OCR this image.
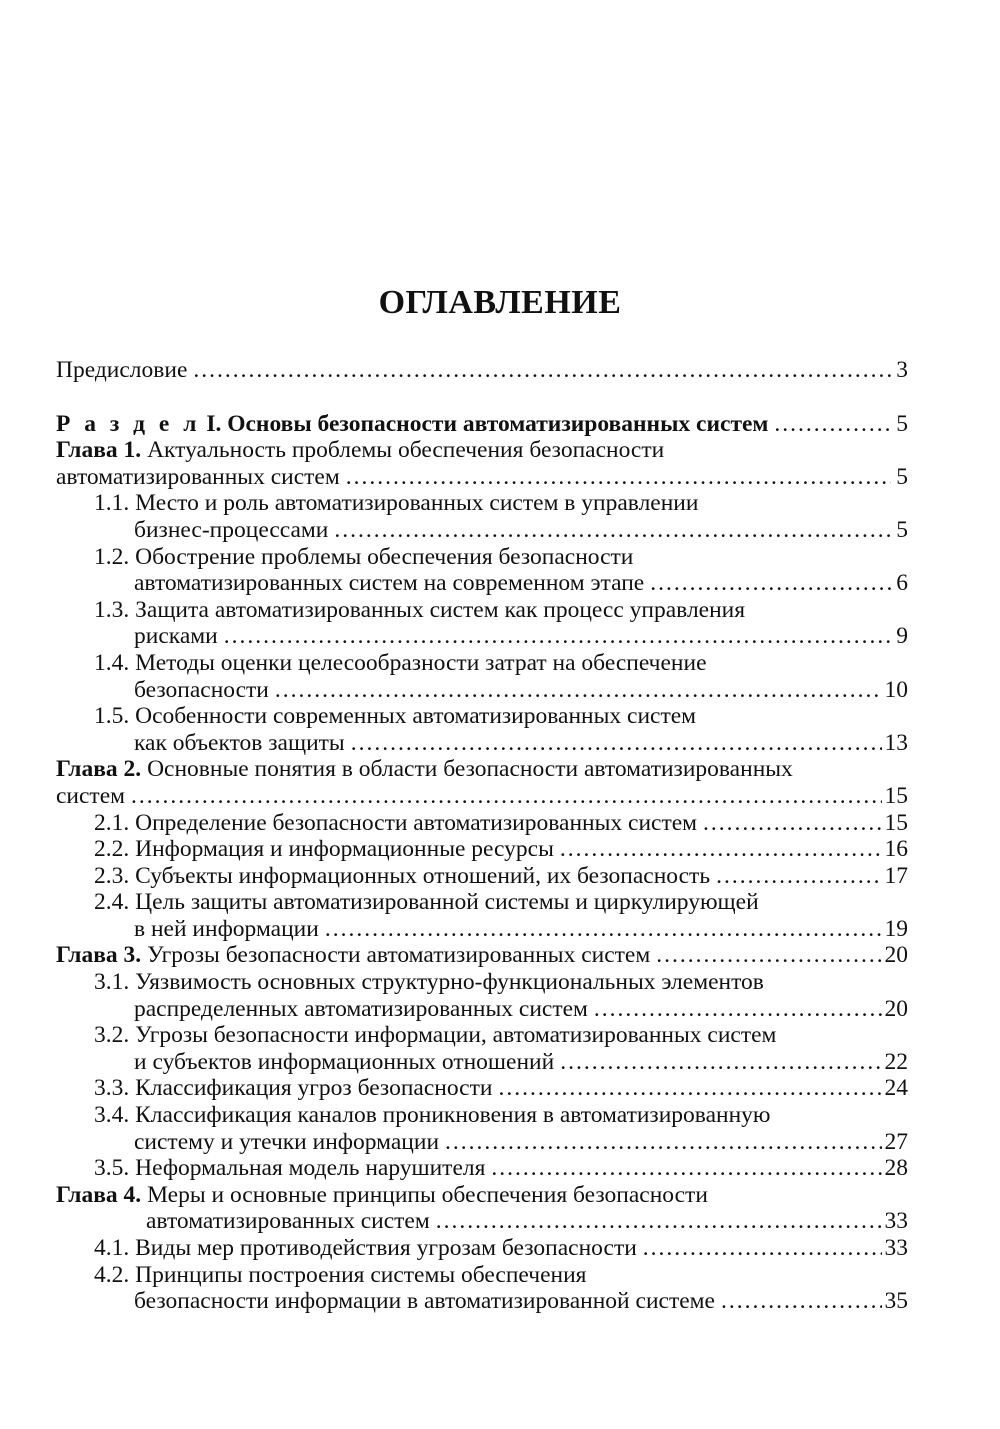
ОГЛАВЛЕНИЕ
Предисловие .....	3
Р а з д е л I. Основы безопасности автоматизированных систем .....	5
Глава 1. Актуальность проблемы обеспечения безопасности
автоматизированных систем .....	5
1.1. Место и роль автоматизированных систем в управлении
бизнес-процессами .....	5
1.2. Обострение проблемы обеспечения безопасности
автоматизированных систем на современном этапе .....	6
1.3. Защита автоматизированных систем как процесс управления
рисками .....	9
1.4. Методы оценки целесообразности затрат на обеспечение
безопасности .....	10
1.5. Особенности современных автоматизированных систем
как объектов защиты .....	13
Глава 2. Основные понятия в области безопасности автоматизированных
систем .....	15
2.1. Определение безопасности автоматизированных систем .....	15
2.2. Информация и информационные ресурсы .....	16
2.3. Субъекты информационных отношений, их безопасность .....	17
2.4. Цель защиты автоматизированной системы и циркулирующей
в ней информации .....	19
Глава 3. Угрозы безопасности автоматизированных систем .....	20
3.1. Уязвимость основных структурно-функциональных элементов
распределенных автоматизированных систем .....	20
3.2. Угрозы безопасности информации, автоматизированных систем
и субъектов информационных отношений .....	22
3.3. Классификация угроз безопасности .....	24
3.4. Классификация каналов проникновения в автоматизированную
систему и утечки информации .....	27
3.5. Неформальная модель нарушителя .....	28
Глава 4. Меры и основные принципы обеспечения безопасности
автоматизированных систем .....	33
4.1. Виды мер противодействия угрозам безопасности .....	33
4.2. Принципы построения системы обеспечения
безопасности информации в автоматизированной системе .....	35
